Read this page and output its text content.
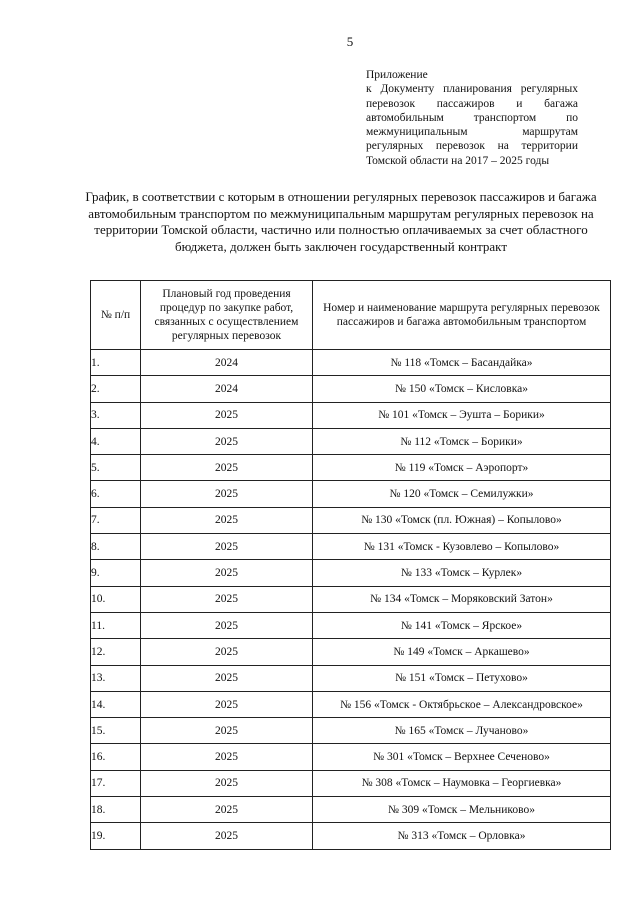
5
Приложение
к Документу планирования регулярных перевозок пассажиров и багажа автомобильным транспортом по межмуниципальным маршрутам регулярных перевозок на территории Томской области на 2017 – 2025 годы
График, в соответствии с которым в отношении регулярных перевозок пассажиров и багажа автомобильным транспортом по межмуниципальным маршрутам регулярных перевозок на территории Томской области, частично или полностью оплачиваемых за счет областного бюджета, должен быть заключен государственный контракт
№ п/п	Плановый год проведения процедур по закупке работ, связанных с осуществлением регулярных перевозок	Номер и наименование маршрута регулярных перевозок пассажиров и багажа автомобильным транспортом
1.	2024	№ 118 «Томск – Басандайка»
2.	2024	№ 150 «Томск – Кисловка»
3.	2025	№ 101 «Томск – Эушта – Борики»
4.	2025	№ 112 «Томск – Борики»
5.	2025	№ 119 «Томск – Аэропорт»
6.	2025	№ 120 «Томск – Семилужки»
7.	2025	№ 130 «Томск (пл. Южная) – Копылово»
8.	2025	№ 131 «Томск - Кузовлево – Копылово»
9.	2025	№ 133 «Томск – Курлек»
10.	2025	№ 134 «Томск – Моряковский Затон»
11.	2025	№ 141 «Томск – Ярское»
12.	2025	№ 149 «Томск – Аркашево»
13.	2025	№ 151 «Томск – Петухово»
14.	2025	№ 156 «Томск - Октябрьское – Александровское»
15.	2025	№ 165 «Томск – Лучаново»
16.	2025	№ 301 «Томск – Верхнее Сеченово»
17.	2025	№ 308 «Томск – Наумовка – Георгиевка»
18.	2025	№ 309 «Томск – Мельниково»
19.	2025	№ 313 «Томск – Орловка»
